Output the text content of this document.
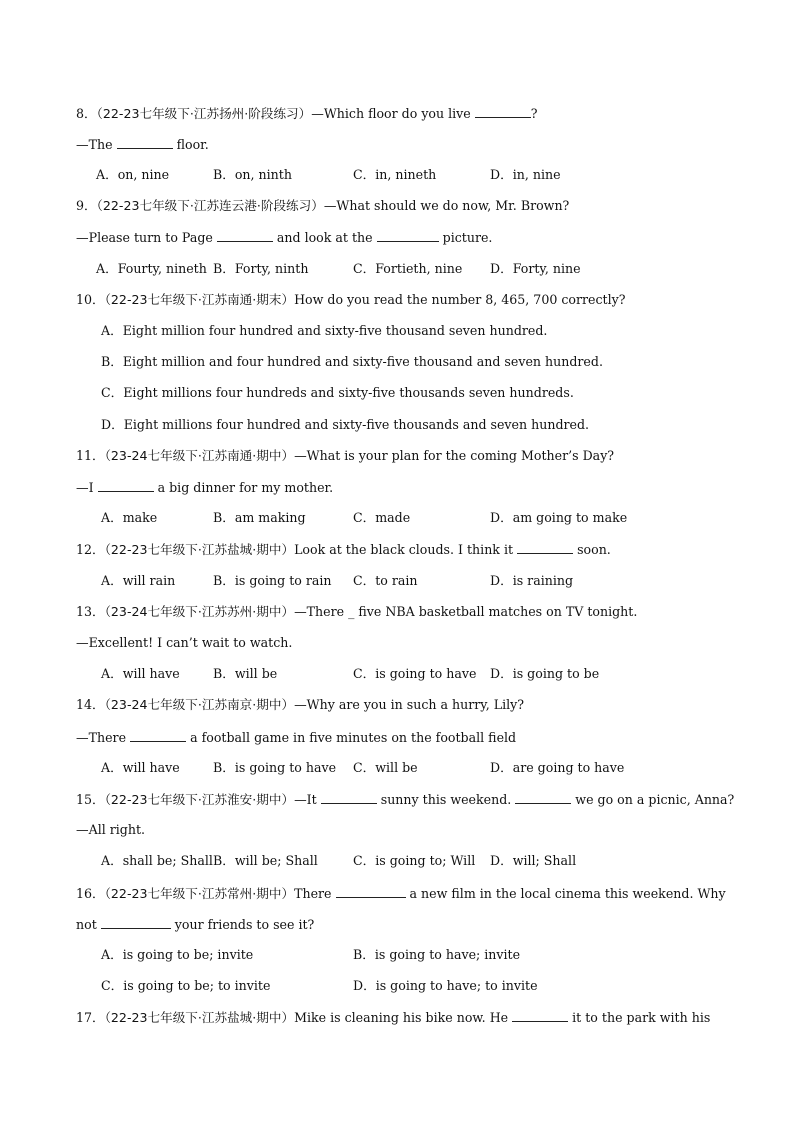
8．（22-23七年级下·江苏扬州·阶段练习）—Which floor do you live	?
—The	floor.
A．on, nine	B．on, ninth	C．in, nineth	D．in, nine
9．（22-23七年级下·江苏连云港·阶段练习）—What should we do now, Mr. Brown?
—Please turn to Page	and look at the	picture.
A．Fourty, nineth B．Forty, ninth	C．Fortieth, nine D．Forty, nine
10．（22-23七年级下·江苏南通·期末）How do you read the number 8, 465, 700 correctly?
A．Eight million four hundred and sixty-five thousand seven hundred.
B．Eight million and four hundred and sixty-five thousand and seven hundred.
C．Eight millions four hundreds and sixty-five thousands seven hundreds.
D．Eight millions four hundred and sixty-five thousands and seven hundred.
11．（23-24七年级下·江苏南通·期中）—What is your plan for the coming Mother’s Day?
—I	a big dinner for my mother.
A．make	B．am making	C．made	D．am going to make
12．（22-23七年级下·江苏盐城·期中）Look at the black clouds. I think it	soon.
A．will rain	B．is going to rain C．to rain	D．is raining
13．（23-24七年级下·江苏苏州·期中）—There _ five NBA basketball matches on TV tonight.
—Excellent! I can’t wait to watch.
A．will have	B．will be	C．is going to have D．is going to be
14．（23-24七年级下·江苏南京·期中）—Why are you in such a hurry, Lily?
—There	a football game in five minutes on the football field
A．will have	B．is going to have C．will be	D．are going to have
15．（22-23七年级下·江苏淮安·期中）—It	sunny this weekend.	we go on a picnic, Anna?
—All right.
A．shall be; Shall B．will be; Shall	C．is going to; Will D．will; Shall
16．（22-23七年级下·江苏常州·期中）There	a new film in the local cinema this weekend. Why
not	your friends to see it?
A．is going to be; invite	B．is going to have; invite
C．is going to be; to invite	D．is going to have; to invite
17．（22-23七年级下·江苏盐城·期中）Mike is cleaning his bike now. He	it to the park with his
